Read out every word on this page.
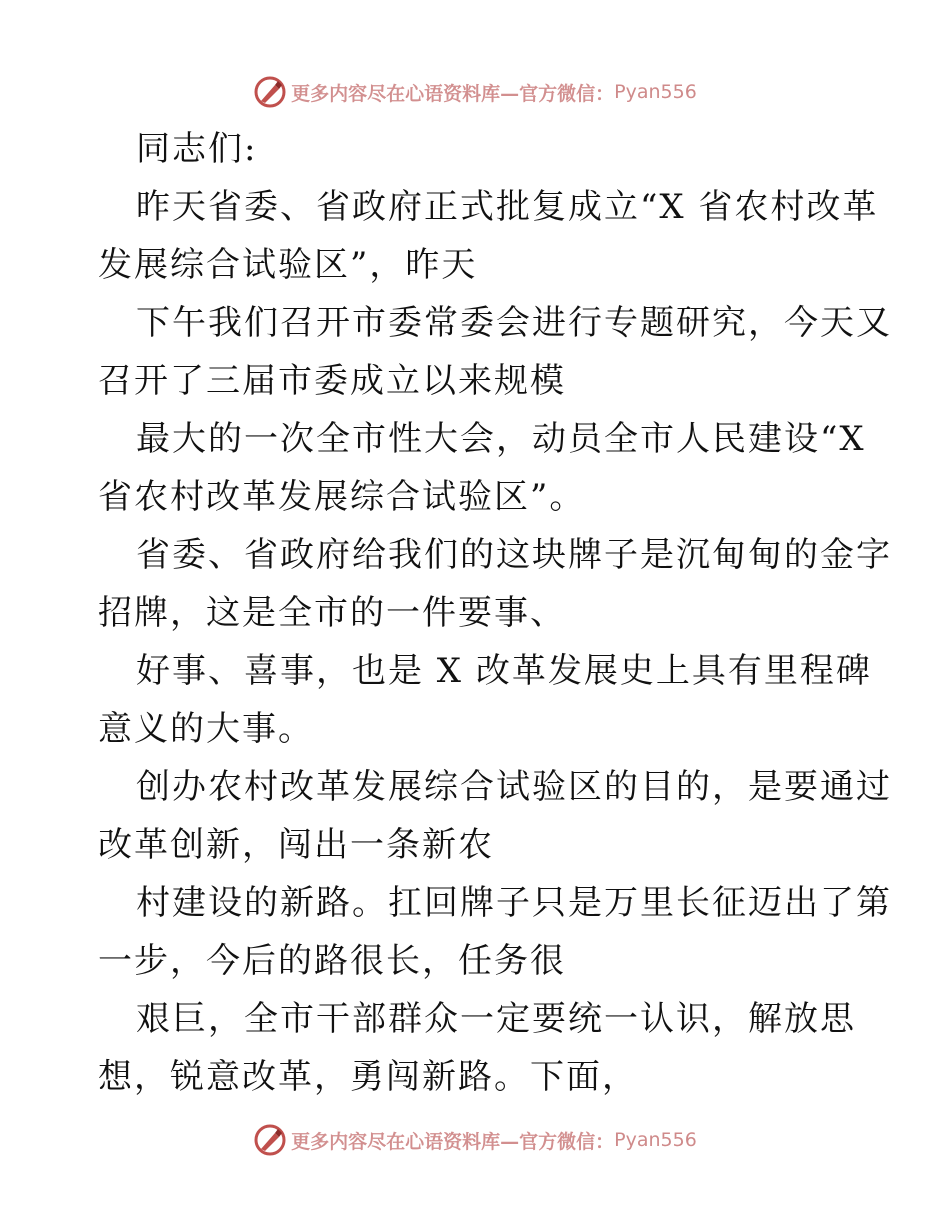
更多内容尽在心语资料库—官方微信： Pyan556
同志们:
昨天省委、省政府正式批复成立“X 省农村改革
发展综合试验区”，昨天
下午我们召开市委常委会进行专题研究，今天又
召开了三届市委成立以来规模
最大的一次全市性大会，动员全市人民建设“X
省农村改革发展综合试验区”。
省委、省政府给我们的这块牌子是沉甸甸的金字
招牌，这是全市的一件要事、
好事、喜事，也是 X 改革发展史上具有里程碑
意义的大事。
创办农村改革发展综合试验区的目的，是要通过
改革创新，闯出一条新农
村建设的新路。扛回牌子只是万里长征迈出了第
一步，今后的路很长，任务很
艰巨，全市干部群众一定要统一认识，解放思
想，锐意改革，勇闯新路。下面，
更多内容尽在心语资料库—官方微信： Pyan556
